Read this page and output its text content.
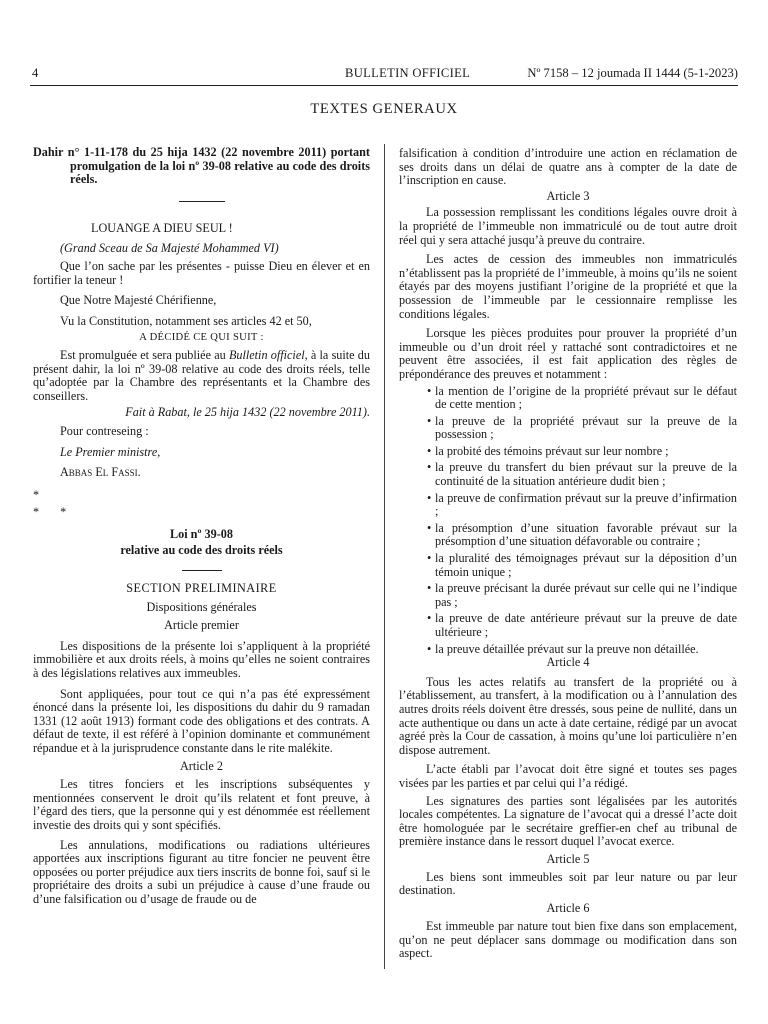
4	BULLETIN OFFICIEL	Nº 7158 – 12 joumada II 1444 (5-1-2023)
TEXTES GENERAUX

Dahir n° 1-11-178 du 25 hija 1432 (22 novembre 2011) portant promulgation de la loi nº 39-08 relative au code des droits réels.

LOUANGE A DIEU SEUL !

(Grand Sceau de Sa Majesté Mohammed VI)

Que l’on sache par les présentes - puisse Dieu en élever et en fortifier la teneur !

Que Notre Majesté Chérifienne,

Vu la Constitution, notamment ses articles 42 et 50,

A DÉCIDÉ CE QUI SUIT :

Est promulguée et sera publiée au Bulletin officiel, à la suite du présent dahir, la loi nº 39-08 relative au code des droits réels, telle qu’adoptée par la Chambre des représentants et la Chambre des conseillers.

Fait à Rabat, le 25 hija 1432 (22 novembre 2011).

Pour contreseing :

Le Premier ministre,

Abbas El Fassi.

*

* *

Loi nº 39-08

relative au code des droits réels

SECTION PRELIMINAIRE

Dispositions générales

Article premier

Les dispositions de la présente loi s’appliquent à la propriété immobilière et aux droits réels, à moins qu’elles ne soient contraires à des législations relatives aux immeubles.

Sont appliquées, pour tout ce qui n’a pas été expressément énoncé dans la présente loi, les dispositions du dahir du 9 ramadan 1331 (12 août 1913) formant code des obligations et des contrats. A défaut de texte, il est référé à l’opinion dominante et communément répandue et à la jurisprudence constante dans le rite malékite.

Article 2

Les titres fonciers et les inscriptions subséquentes y mentionnées conservent le droit qu’ils relatent et font preuve, à l’égard des tiers, que la personne qui y est dénommée est réellement investie des droits qui y sont spécifiés.

Les annulations, modifications ou radiations ultérieures apportées aux inscriptions figurant au titre foncier ne peuvent être opposées ou porter préjudice aux tiers inscrits de bonne foi, sauf si le propriétaire des droits a subi un préjudice à cause d’une fraude ou d’une falsification ou d’usage de fraude ou de

falsification à condition d’introduire une action en réclamation de ses droits dans un délai de quatre ans à compter de la date de l’inscription en cause.

Article 3

La possession remplissant les conditions légales ouvre droit à la propriété de l’immeuble non immatriculé ou de tout autre droit réel qui y sera attaché jusqu’à preuve du contraire.

Les actes de cession des immeubles non immatriculés n’établissent pas la propriété de l’immeuble, à moins qu’ils ne soient étayés par des moyens justifiant l’origine de la propriété et que la possession de l’immeuble par le cessionnaire remplisse les conditions légales.

Lorsque les pièces produites pour prouver la propriété d’un immeuble ou d’un droit réel y rattaché sont contradictoires et ne peuvent être associées, il est fait application des règles de prépondérance des preuves et notamment :

• la mention de l’origine de la propriété prévaut sur le défaut de cette mention ;

• la preuve de la propriété prévaut sur la preuve de la possession ;

• la probité des témoins prévaut sur leur nombre ;

• la preuve du transfert du bien prévaut sur la preuve de la continuité de la situation antérieure dudit bien ;

• la preuve de confirmation prévaut sur la preuve d’infirmation ;

• la présomption d’une situation favorable prévaut sur la présomption d’une situation défavorable ou contraire ;

• la pluralité des témoignages prévaut sur la déposition d’un témoin unique ;

• la preuve précisant la durée prévaut sur celle qui ne l’indique pas ;

• la preuve de date antérieure prévaut sur la preuve de date ultérieure ;

• la preuve détaillée prévaut sur la preuve non détaillée.

Article 4

Tous les actes relatifs au transfert de la propriété ou à l’établissement, au transfert, à la modification ou à l’annulation des autres droits réels doivent être dressés, sous peine de nullité, dans un acte authentique ou dans un acte à date certaine, rédigé par un avocat agréé près la Cour de cassation, à moins qu’une loi particulière n’en dispose autrement.

L’acte établi par l’avocat doit être signé et toutes ses pages visées par les parties et par celui qui l’a rédigé.

Les signatures des parties sont légalisées par les autorités locales compétentes. La signature de l’avocat qui a dressé l’acte doit être homologuée par le secrétaire greffier-en chef au tribunal de première instance dans le ressort duquel l’avocat exerce.

Article 5

Les biens sont immeubles soit par leur nature ou par leur destination.

Article 6

Est immeuble par nature tout bien fixe dans son emplacement, qu’on ne peut déplacer sans dommage ou modification dans son aspect.
